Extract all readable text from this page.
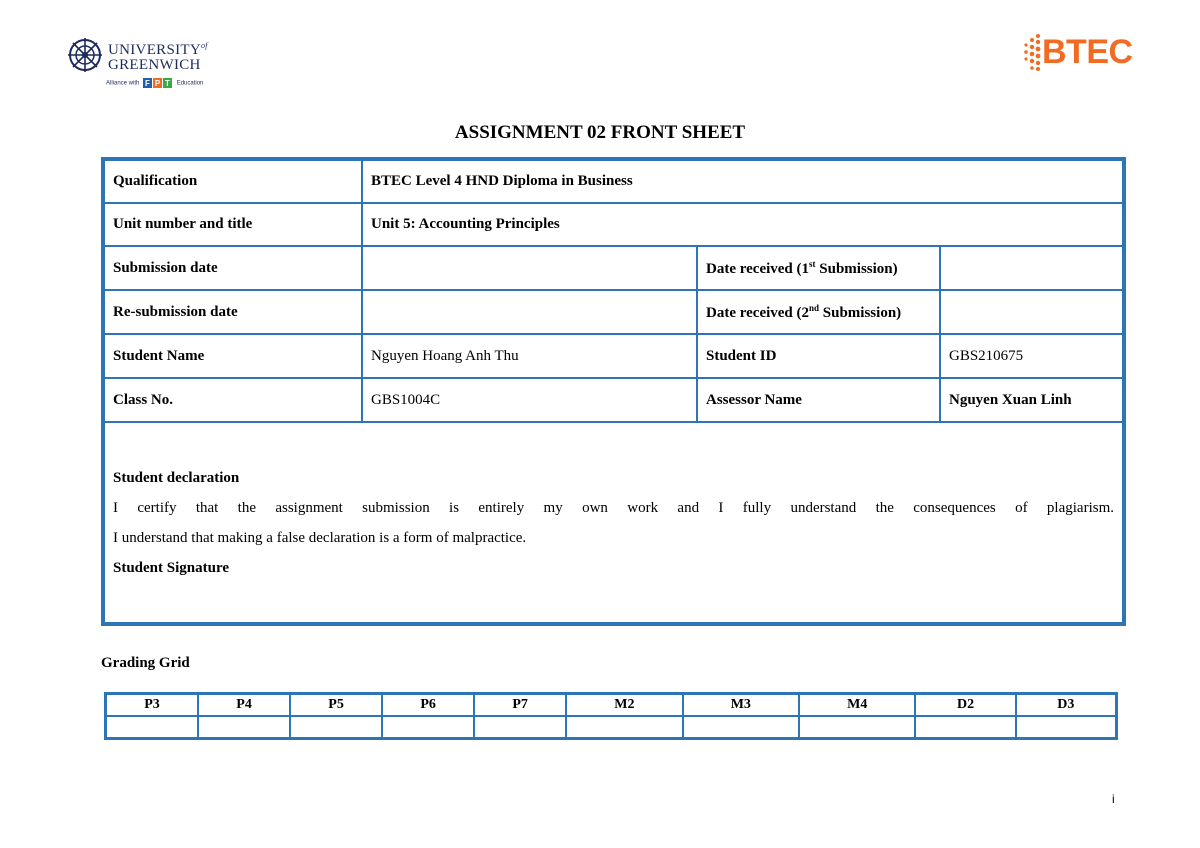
$UNIVERSITY^{of}$
GREENWICH
Alliance with F P T Education
BTEC
ASSIGNMENT 02 FRONT SHEET
Qualification	BTEC Level 4 HND Diploma in Business		
Unit number and title	Unit 5: Accounting Principles		
Submission date		Date received (1st Submission)	
Re-submission date		Date received (2nd Submission)	
Student Name	Nguyen Hoang Anh Thu	Student ID	GBS210675
Class No.	GBS1004C	Assessor Name	Nguyen Xuan Linh

Student declaration
I certify that the assignment submission is entirely my own work and I fully understand the consequences of plagiarism.
I understand that making a false declaration is a form of malpractice.
Student Signature			
Grading Grid
P3	P4	P5	P6	P7	M2	M3	M4	D2	D3

i
